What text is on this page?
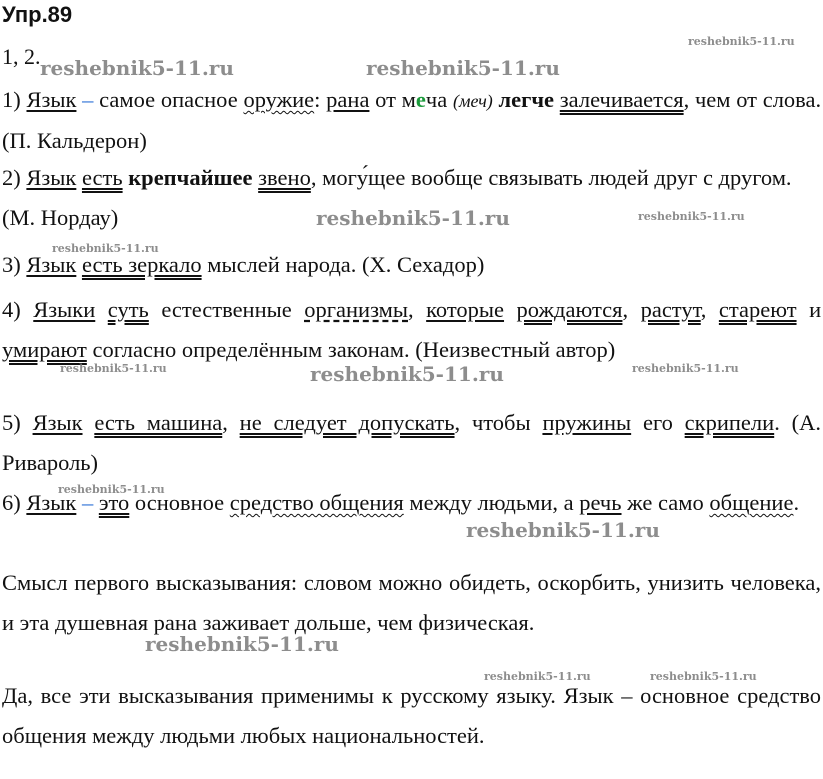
Упр.89
1, 2.

1) Язык – самое опасное оружие: рана от меча (меч) легче залечивается, чем от слова. (П. Кальдерон)

2) Язык есть крепчайшее звено, могу́щее вообще связывать людей друг с другом. (М. Нордау)

3) Язык есть зеркало мыслей народа. (Х. Сехадор)

4) Языки суть естественные организмы, которые рождаются, растут, стареют и умирают согласно определённым законам. (Неизвестный автор)

5) Язык есть машина, не следует допускать, чтобы пружины его скрипели. (А. Ривароль)

6) Язык – это основное средство общения между людьми, а речь же само общение.

Смысл первого высказывания: словом можно обидеть, оскорбить, унизить человека, и эта душевная рана заживает дольше, чем физическая.

Да, все эти высказывания применимы к русскому языку. Язык – основное средство общения между людьми любых национальностей.

reshebnik5-11.ru	reshebnik5-11.ru
reshebnik5-11.ru
reshebnik5-11.ru	reshebnik5-11.ru
reshebnik5-11.ru
reshebnik5-11.ru	reshebnik5-11.ru	reshebnik5-11.ru
reshebnik5-11.ru
reshebnik5-11.ru
reshebnik5-11.ru
reshebnik5-11.ru	reshebnik5-11.ru
